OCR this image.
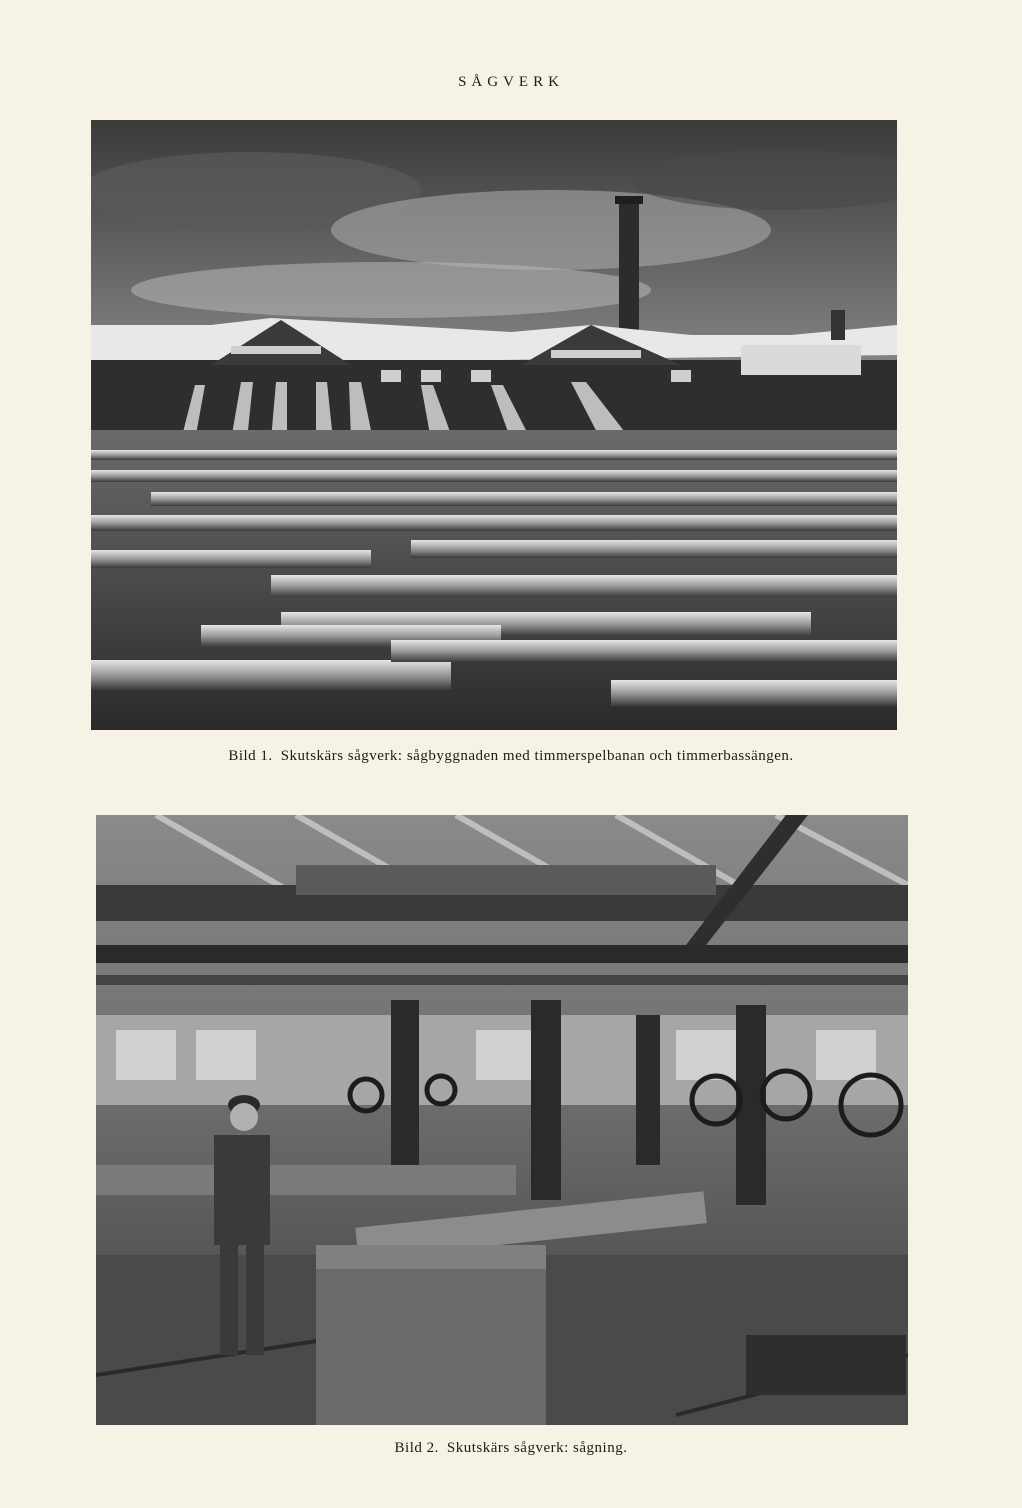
SÅGVERK
Bild 1. Skutskärs sågverk: sågbyggnaden med timmerspelbanan och timmerbassängen.
Bild 2. Skutskärs sågverk: sågning.
